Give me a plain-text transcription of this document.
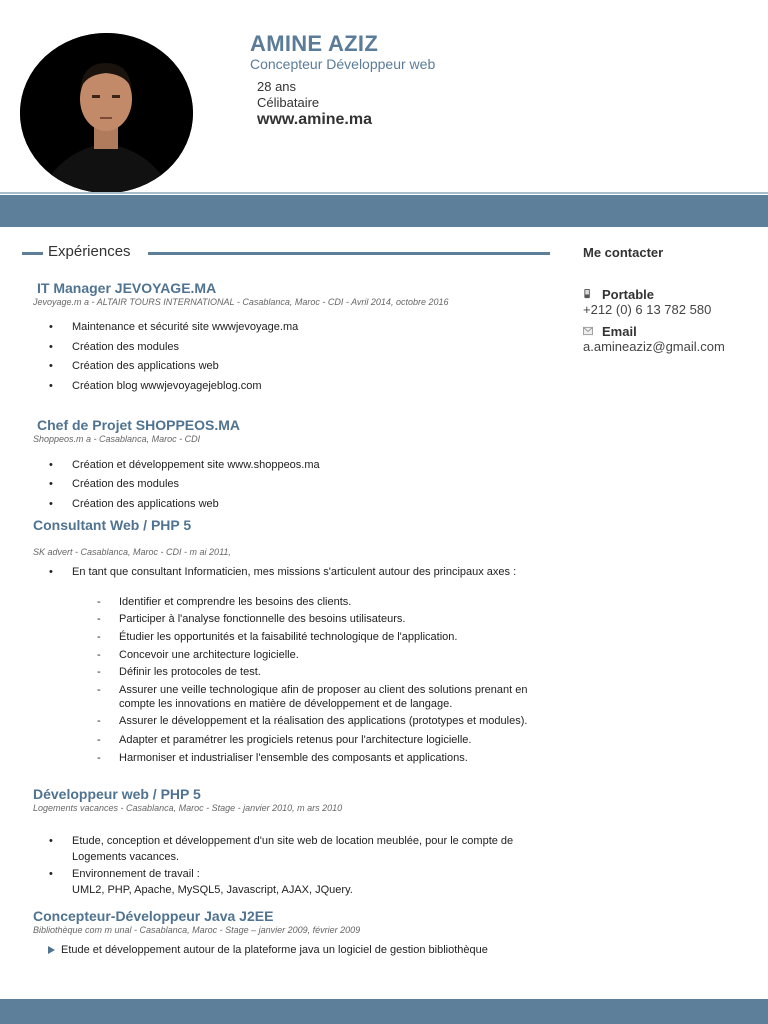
AMINE AZIZ
Concepteur Développeur web
28 ans
Célibataire
www.amine.ma
Expériences	Me contacter
Portable
+212 (0) 6 13 782 580
Email
a.amineaziz@gmail.com
IT Manager JEVOYAGE.MA
Jevoyage.m a - ALTAIR TOURS INTERNATIONAL - Casablanca, Maroc - CDI - Avril 2014, octobre 2016
• Maintenance et sécurité site wwwjevoyage.ma
• Création des modules
• Création des applications web
• Création blog wwwjevoyagejeblog.com
Chef de Projet SHOPPEOS.MA
Shoppeos.m a - Casablanca, Maroc - CDI
• Création et développement site www.shoppeos.ma
• Création des modules
• Création des applications web
Consultant Web / PHP 5
SK advert - Casablanca, Maroc - CDI - m ai 2011,
• En tant que consultant Informaticien, mes missions s'articulent autour des principaux axes :
- Identifier et comprendre les besoins des clients.
- Participer à l'analyse fonctionnelle des besoins utilisateurs.
- Étudier les opportunités et la faisabilité technologique de l'application.
- Concevoir une architecture logicielle.
- Définir les protocoles de test.
- Assurer une veille technologique afin de proposer au client des solutions prenant en
compte les innovations en matière de développement et de langage.
- Assurer le développement et la réalisation des applications (prototypes et modules).
- Adapter et paramétrer les progiciels retenus pour l'architecture logicielle.
- Harmoniser et industrialiser l'ensemble des composants et applications.
Développeur web / PHP 5
Logements vacances - Casablanca, Maroc - Stage - janvier 2010, m ars 2010
• Etude, conception et développement d'un site web de location meublée, pour le compte de
Logements vacances.
• Environnement de travail :
UML2, PHP, Apache, MySQL5, Javascript, AJAX, JQuery.
Concepteur-Développeur Java J2EE
Bibliothèque com m unal - Casablanca, Maroc - Stage – janvier 2009, février 2009
Etude et développement autour de la plateforme java un logiciel de gestion bibliothèque
